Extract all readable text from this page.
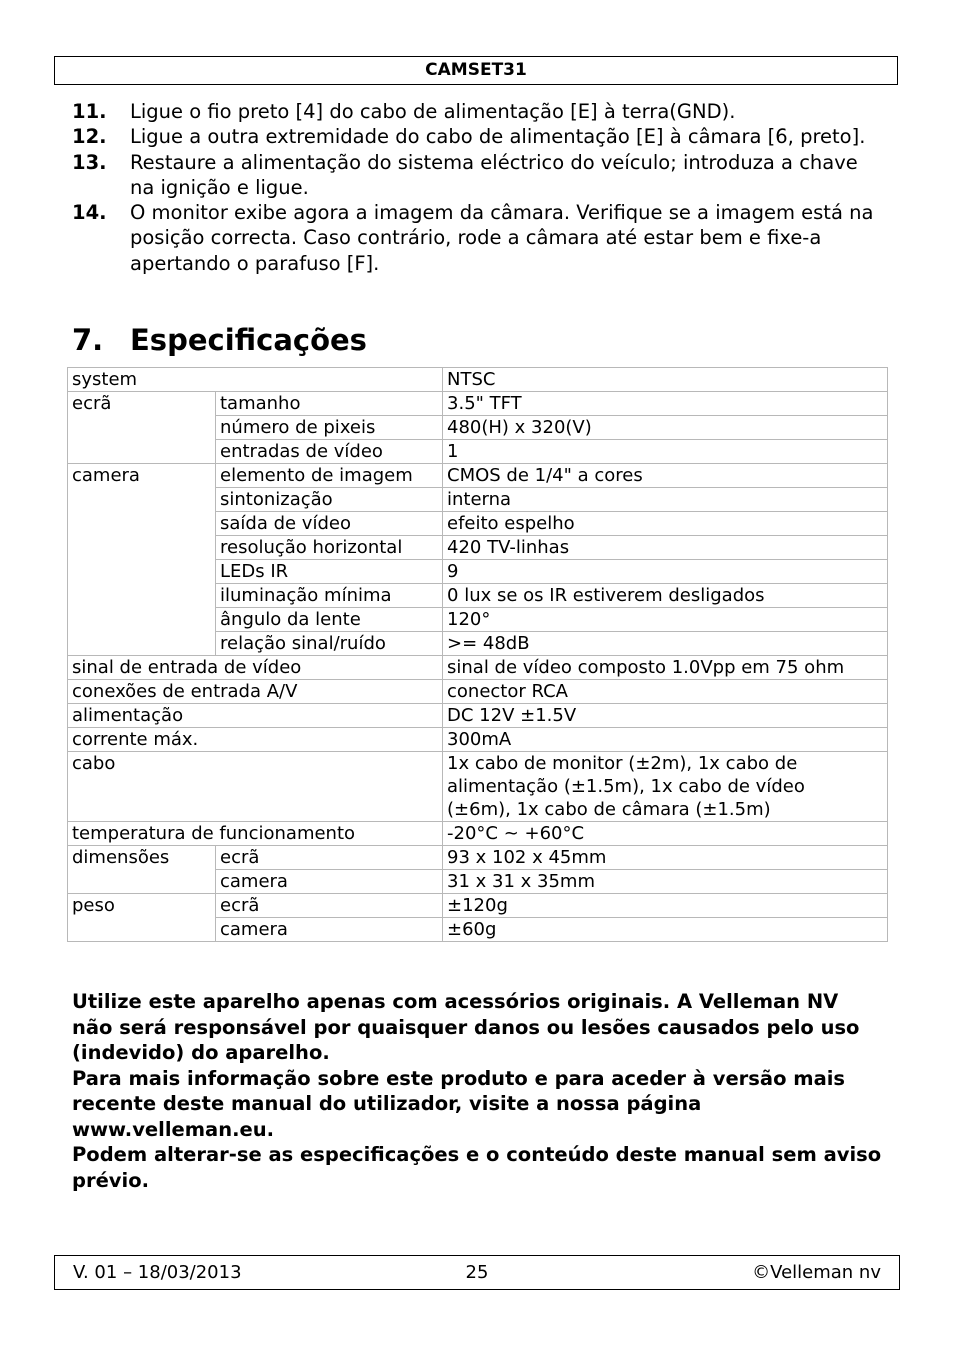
CAMSET31
11.	Ligue o fio preto [4] do cabo de alimentação [E] à terra(GND).
12.	Ligue a outra extremidade do cabo de alimentação [E] à câmara [6, preto].
13.	Restaure a alimentação do sistema eléctrico do veículo; introduza a chave na ignição e ligue.
14.	O monitor exibe agora a imagem da câmara. Verifique se a imagem está na posição correcta. Caso contrário, rode a câmara até estar bem e fixe-a apertando o parafuso [F].
7. Especificações
system		NTSC
ecrã	tamanho	3.5" TFT
	número de pixeis	480(H) x 320(V)
	entradas de vídeo	1
camera	elemento de imagem	CMOS de 1/4" a cores
	sintonização	interna
	saída de vídeo	efeito espelho
	resolução horizontal	420 TV-linhas
	LEDs IR	9
	iluminação mínima	0 lux se os IR estiverem desligados
	ângulo da lente	120°
	relação sinal/ruído	>= 48dB
sinal de entrada de vídeo		sinal de vídeo composto 1.0Vpp em 75 ohm
conexões de entrada A/V		conector RCA
alimentação		DC 12V ±1.5V
corrente máx.		300mA
cabo		1x cabo de monitor (±2m), 1x cabo de
alimentação (±1.5m), 1x cabo de vídeo
(±6m), 1x cabo de câmara (±1.5m)

temperatura de funcionamento		-20°C ~ +60°C
dimensões	ecrã	93 x 102 x 45mm
	camera	31 x 31 x 35mm
peso	ecrã	±120g
	camera	±60g

Utilize este aparelho apenas com acessórios originais. A Velleman NV não será responsável por quaisquer danos ou lesões causados pelo uso (indevido) do aparelho.

Para mais informação sobre este produto e para aceder à versão mais recente deste manual do utilizador, visite a nossa página www.velleman.eu.

Podem alterar-se as especificações e o conteúdo deste manual sem aviso prévio.

V. 01 – 18/03/2013	25	©Velleman nv
